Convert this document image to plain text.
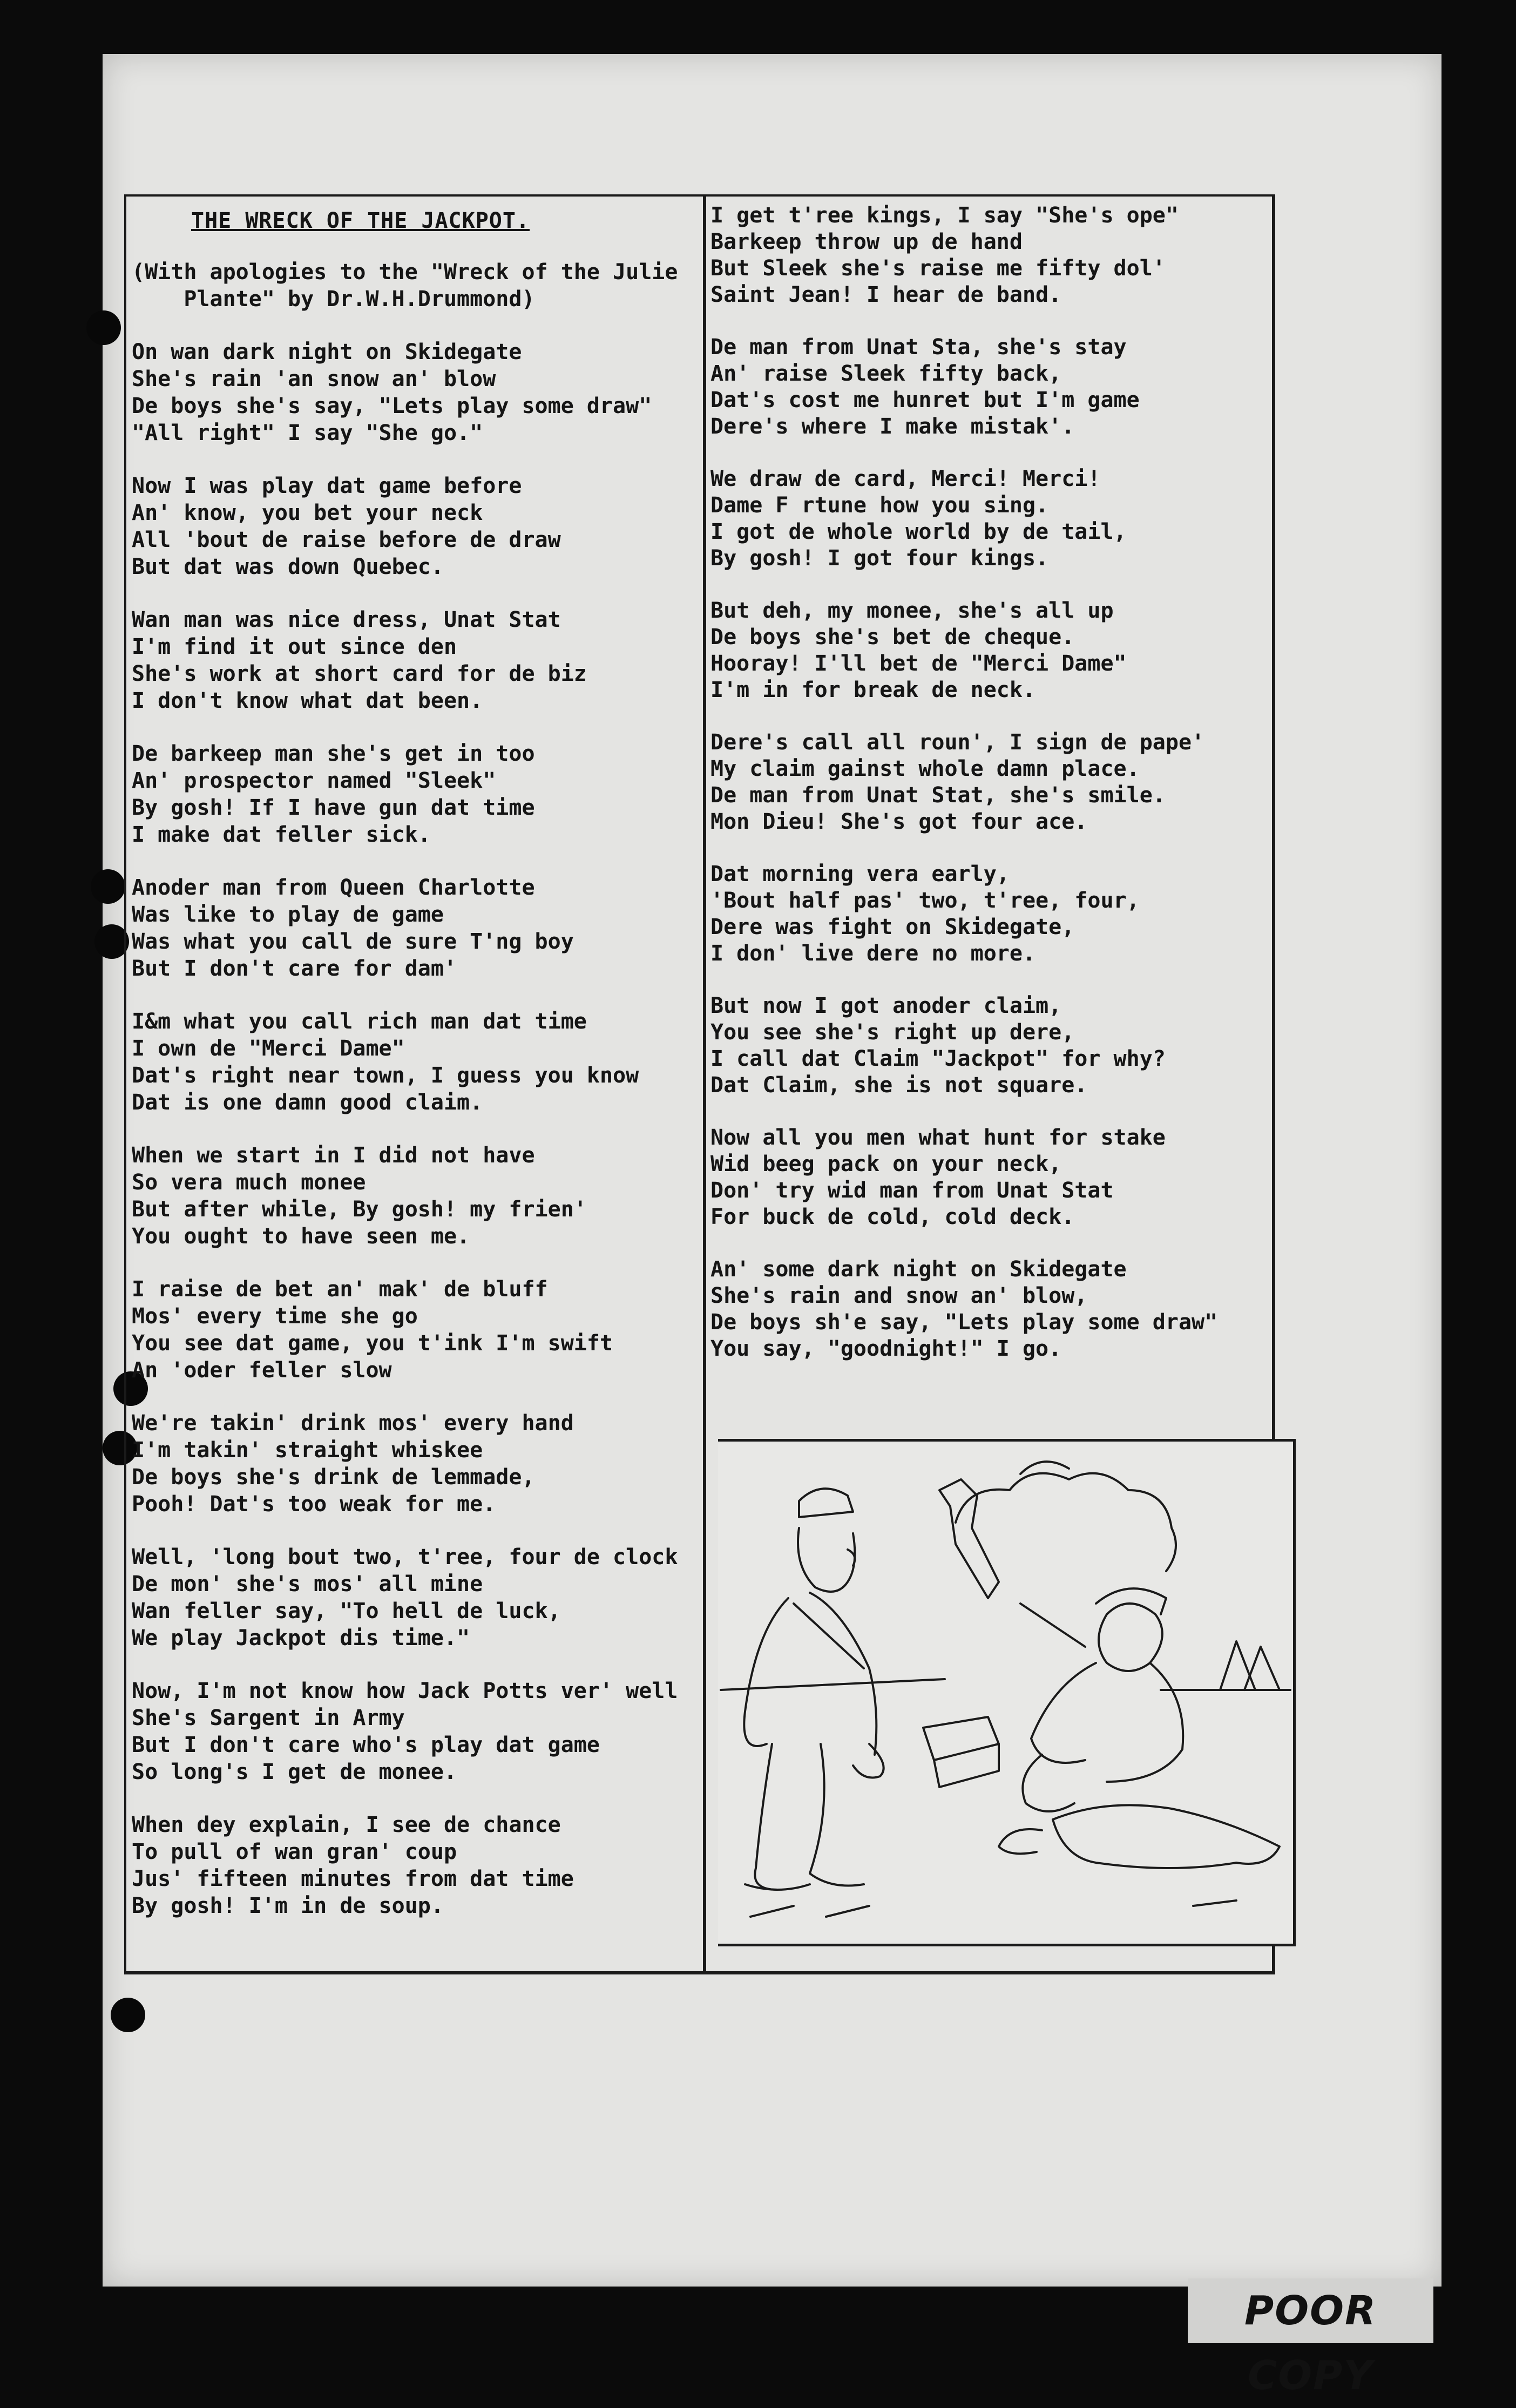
THE WRECK OF THE JACKPOT.

(With apologies to the "Wreck of the Julie
Plante" by Dr.W.H.Drummond)
On wan dark night on Skidegate
She's rain 'an snow an' blow
De boys she's say, "Lets play some draw"
"All right" I say "She go."
Now I was play dat game before
An' know, you bet your neck
All 'bout de raise before de draw
But dat was down Quebec.
Wan man was nice dress, Unat Stat
I'm find it out since den
She's work at short card for de biz
I don't know what dat been.
De barkeep man she's get in too
An' prospector named "Sleek"
By gosh! If I have gun dat time
I make dat feller sick.
Anoder man from Queen Charlotte
Was like to play de game
Was what you call de sure T'ng boy
But I don't care for dam'
I&m what you call rich man dat time
I own de "Merci Dame"
Dat's right near town, I guess you know
Dat is one damn good claim.
When we start in I did not have
So vera much monee
But after while, By gosh! my frien'
You ought to have seen me.
I raise de bet an' mak' de bluff
Mos' every time she go
You see dat game, you t'ink I'm swift
An 'oder feller slow
We're takin' drink mos' every hand
I'm takin' straight whiskee
De boys she's drink de lemmade,
Pooh! Dat's too weak for me.
Well, 'long bout two, t'ree, four de clock
De mon' she's mos' all mine
Wan feller say, "To hell de luck,
We play Jackpot dis time."
Now, I'm not know how Jack Potts ver' well
She's Sargent in Army
But I don't care who's play dat game
So long's I get de monee.
When dey explain, I see de chance
To pull of wan gran' coup
Jus' fifteen minutes from dat time
By gosh! I'm in de soup.
I get t'ree kings, I say "She's ope"
Barkeep throw up de hand
But Sleek she's raise me fifty dol'
Saint Jean! I hear de band.
De man from Unat Sta, she's stay
An' raise Sleek fifty back,
Dat's cost me hunret but I'm game
Dere's where I make mistak'.
We draw de card, Merci! Merci!
Dame F rtune how you sing.
I got de whole world by de tail,
By gosh! I got four kings.
But deh, my monee, she's all up
De boys she's bet de cheque.
Hooray! I'll bet de "Merci Dame"
I'm in for break de neck.
Dere's call all roun', I sign de pape'
My claim gainst whole damn place.
De man from Unat Stat, she's smile.
Mon Dieu! She's got four ace.
Dat morning vera early,
'Bout half pas' two, t'ree, four,
Dere was fight on Skidegate,
I don' live dere no more.
But now I got anoder claim,
You see she's right up dere,
I call dat Claim "Jackpot" for why?
Dat Claim, she is not square.
Now all you men what hunt for stake
Wid beeg pack on your neck,
Don' try wid man from Unat Stat
For buck de cold, cold deck.
An' some dark night on Skidegate
She's rain and snow an' blow,
De boys sh'e say, "Lets play some draw"
You say, "goodnight!" I go.
POOR COPY
